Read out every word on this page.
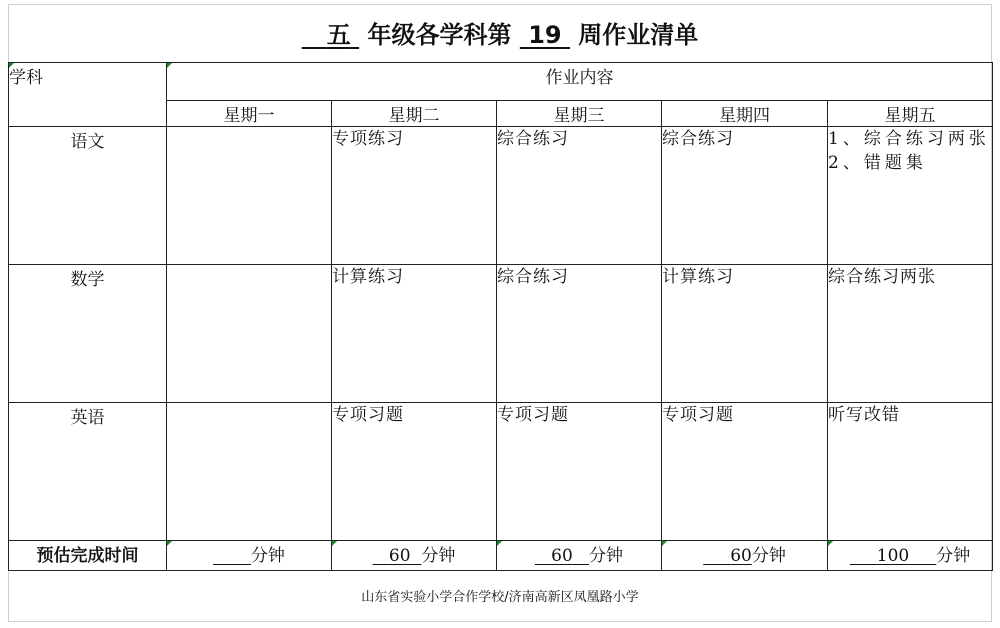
五  年级各学科第  19  周作业清单
学科	作业内容				
	星期一	星期二	星期三	星期四	星期五
语文		专项练习	综合练习	综合练习	1、综合练习两张
2、错题集
数学		计算练习	综合练习	计算练习	综合练习两张
英语		专项习题	专项习题	专项习题	听写改错
预估完成时间	分钟	60 分钟	60 分钟	60分钟	100 分钟
山东省实验小学合作学校/济南高新区凤凰路小学
